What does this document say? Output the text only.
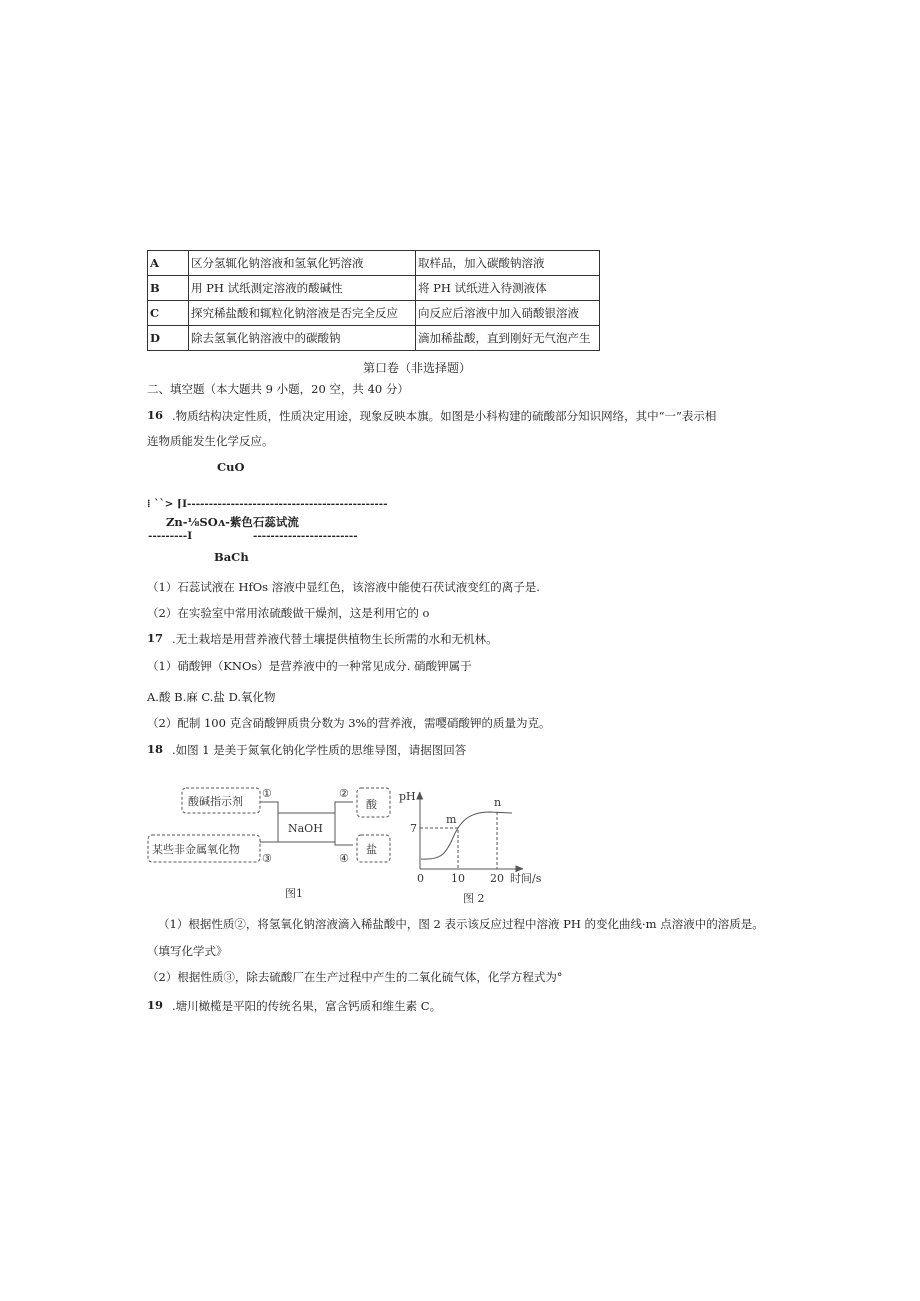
A	区分氢辄化钠溶液和氢氧化钙溶液	取样品，加入碳酸钠溶液
B	用 PH 试纸测定溶液的酸碱性	将 PH 试纸进入待测液体
C	探究稀盐酸和辄粒化钠溶液是否完全反应	向反应后溶液中加入硝酸银溶液
D	除去氢氧化钠溶液中的碳酸钠	滴加稀盐酸，直到刚好无气泡产生
第口卷（非选择题）
二、填空题（本大题共 9 小题，20 空，共 40 分）
16 .物质结构决定性质，性质决定用途，现象反映本旗。如图是小科构建的硫酸部分知识网络，其中“一”表示相
连物质能发生化学反应。
CuO
⁞ ``> ⌈I----------------------------------------------
Zn-⅛SOʌ-紫色石蕊试流
---------I	------------------------
BaCh
（1）石蕊试液在 HfOs 溶液中显红色，该溶液中能使石茯试液变红的离子是.
（2）在实验室中常用浓硫酸做干燥剂，这是利用它的 o
17 .无土栽培是用营养液代替土壤提供植物生长所需的水和无机林。
（1）硝酸钾（KNOs）是营养液中的一种常见成分. 硝酸钾属于
A.酸 B.麻 C.盐 D.氧化物
（2）配制 100 克含硝酸钾质贵分数为 3%的营养液，需嘤硝酸钾的质量为克。
18 .如图 1 是美于氮氧化钠化学性质的思维导图，请据图回答
酸碱指示剂
某些非金属氧化物
NaOH
酸
盐
①	②
③	④
图1
pH
7
0 10 20 时间/s
m
n
图 2
（1）根据性质②，将氢氧化钠溶液滴入稀盐酸中，图 2 表示该反应过程中溶液 PH 的变化曲线·m 点溶液中的溶质是。
（填写化学式》
（2）根据性质③，除去硫酸厂在生产过程中产生的二氧化硫气体，化学方程式为°
19 .塘川橄榄是平阳的传统名果，富含钙质和维生素 C。
